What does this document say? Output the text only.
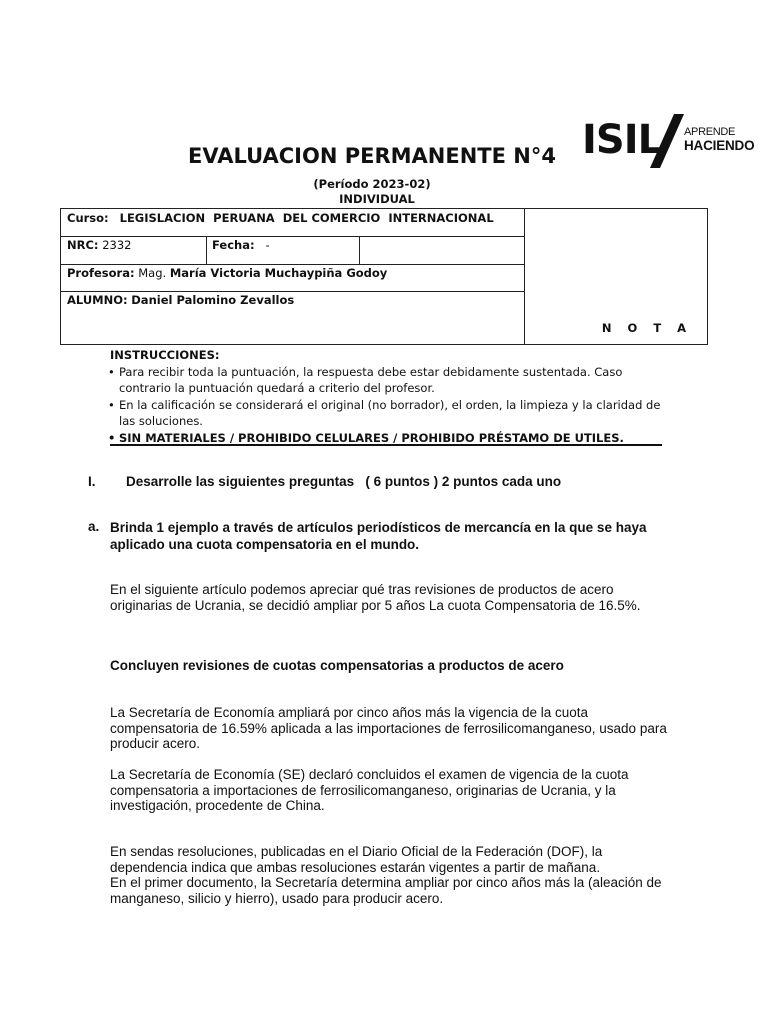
ISIL APRENDE
HACIENDO
EVALUACION PERMANENTE N°4
(Período 2023-02)
INDIVIDUAL
Curso: LEGISLACION  PERUANA  DEL COMERCIO  INTERNACIONAL
NRC: 2332	Fecha: -
Profesora: Mag. María Victoria Muchaypiña Godoy
ALUMNO: Daniel Palomino Zevallos
N O T A
INSTRUCCIONES:
• Para recibir toda la puntuación, la respuesta debe estar debidamente sustentada. Caso contrario la puntuación quedará a criterio del profesor.
• En la calificación se considerará el original (no borrador), el orden, la limpieza y la claridad de las soluciones.
• SIN MATERIALES / PROHIBIDO CELULARES / PROHIBIDO PRÉSTAMO DE UTILES.
I. Desarrolle las siguientes preguntas   ( 6 puntos ) 2 puntos cada uno
a. Brinda 1 ejemplo a través de artículos periodísticos de mercancía en la que se haya aplicado una cuota compensatoria en el mundo.
En el siguiente artículo podemos apreciar qué tras revisiones de productos de acero originarias de Ucrania, se decidió ampliar por 5 años La cuota Compensatoria de 16.5%.
Concluyen revisiones de cuotas compensatorias a productos de acero
La Secretaría de Economía ampliará por cinco años más la vigencia de la cuota compensatoria de 16.59% aplicada a las importaciones de ferrosilicomanganeso, usado para producir acero.
La Secretaría de Economía (SE) declaró concluidos el examen de vigencia de la cuota compensatoria a importaciones de ferrosilicomanganeso, originarias de Ucrania, y la investigación, procedente de China.
En sendas resoluciones, publicadas en el Diario Oficial de la Federación (DOF), la dependencia indica que ambas resoluciones estarán vigentes a partir de mañana.
En el primer documento, la Secretaría determina ampliar por cinco años más la (aleación de manganeso, silicio y hierro), usado para producir acero.
